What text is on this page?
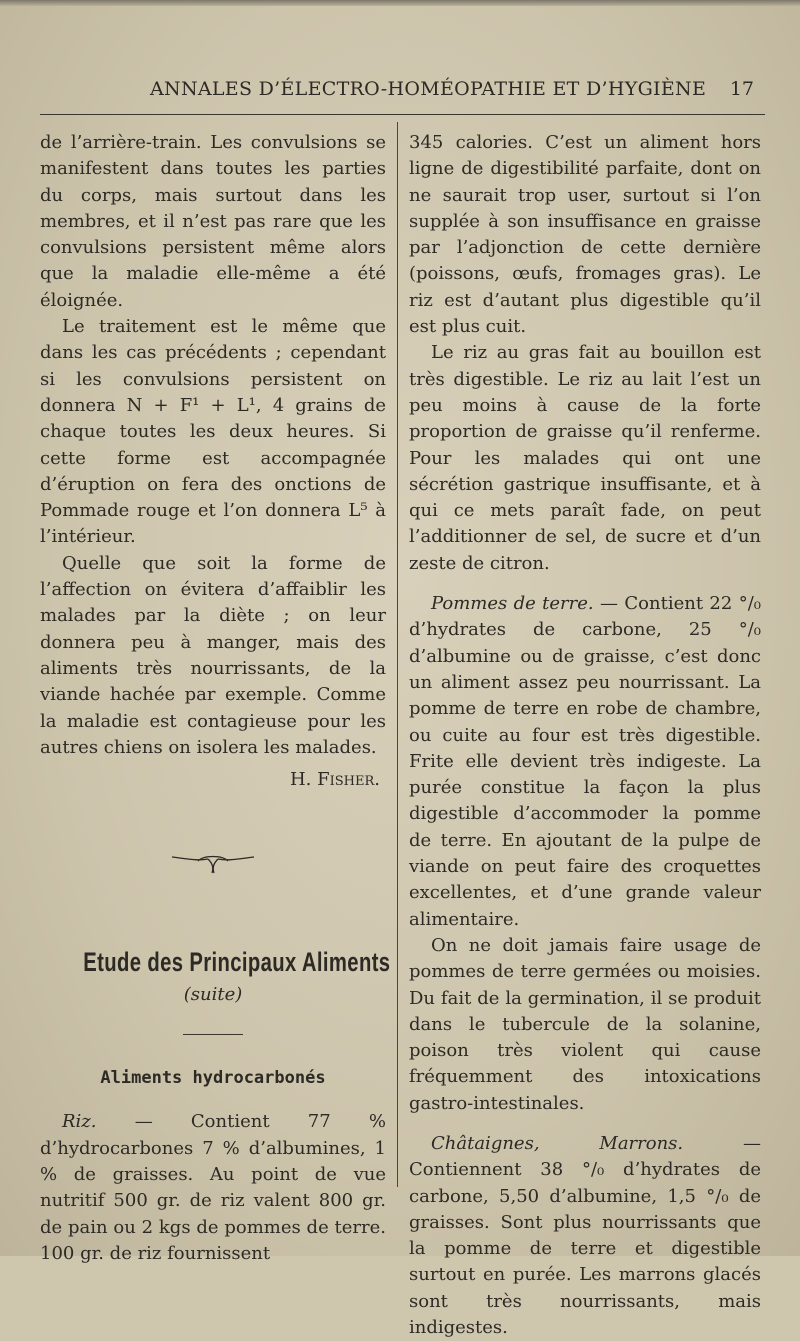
ANNALES D’ÉLECTRO-HOMÉOPATHIE ET D’HYGIÈNE 17

de l’arrière-train. Les convulsions se manifestent dans toutes les parties du corps, mais surtout dans les membres, et il n’est pas rare que les convulsions persistent même alors que la maladie elle-même a été éloignée.

Le traitement est le même que dans les cas précédents ; cependant si les convulsions persistent on donnera N + F¹ + L¹, 4 grains de chaque toutes les deux heures. Si cette forme est accompagnée d’éruption on fera des onctions de Pommade rouge et l’on donnera L⁵ à l’intérieur.

Quelle que soit la forme de l’affection on évitera d’affaiblir les malades par la diète ; on leur donnera peu à manger, mais des aliments très nourrissants, de la viande hachée par exemple. Comme la maladie est contagieuse pour les autres chiens on isolera les malades.

H. Fisher.

Etude des Principaux Aliments

(suite)

Aliments hydrocarbonés

Riz. — Contient 77 % d’hydrocarbones 7 % d’albumines, 1 % de graisses. Au point de vue nutritif 500 gr. de riz valent 800 gr. de pain ou 2 kgs de pommes de terre. 100 gr. de riz fournissent

345 calories. C’est un aliment hors ligne de digestibilité parfaite, dont on ne saurait trop user, surtout si l’on supplée à son insuffisance en graisse par l’adjonction de cette dernière (poissons, œufs, fromages gras). Le riz est d’autant plus digestible qu’il est plus cuit.

Le riz au gras fait au bouillon est très digestible. Le riz au lait l’est un peu moins à cause de la forte proportion de graisse qu’il renferme. Pour les malades qui ont une sécrétion gastrique insuffisante, et à qui ce mets paraît fade, on peut l’additionner de sel, de sucre et d’un zeste de citron.

Pommes de terre. — Contient 22 °/₀ d’hydrates de carbone, 25 °/₀ d’albumine ou de graisse, c’est donc un aliment assez peu nourrissant. La pomme de terre en robe de chambre, ou cuite au four est très digestible. Frite elle devient très indigeste. La purée constitue la façon la plus digestible d’accommoder la pomme de terre. En ajoutant de la pulpe de viande on peut faire des croquettes excellentes, et d’une grande valeur alimentaire.

On ne doit jamais faire usage de pommes de terre germées ou moisies. Du fait de la germination, il se produit dans le tubercule de la solanine, poison très violent qui cause fréquemment des intoxications gastro-intestinales.

Châtaignes, Marrons. — Contiennent 38 °/₀ d’hydrates de carbone, 5,50 d’albumine, 1,5 °/₀ de graisses. Sont plus nourrissants que la pomme de terre et digestible surtout en purée. Les marrons glacés sont très nourrissants, mais indigestes.
